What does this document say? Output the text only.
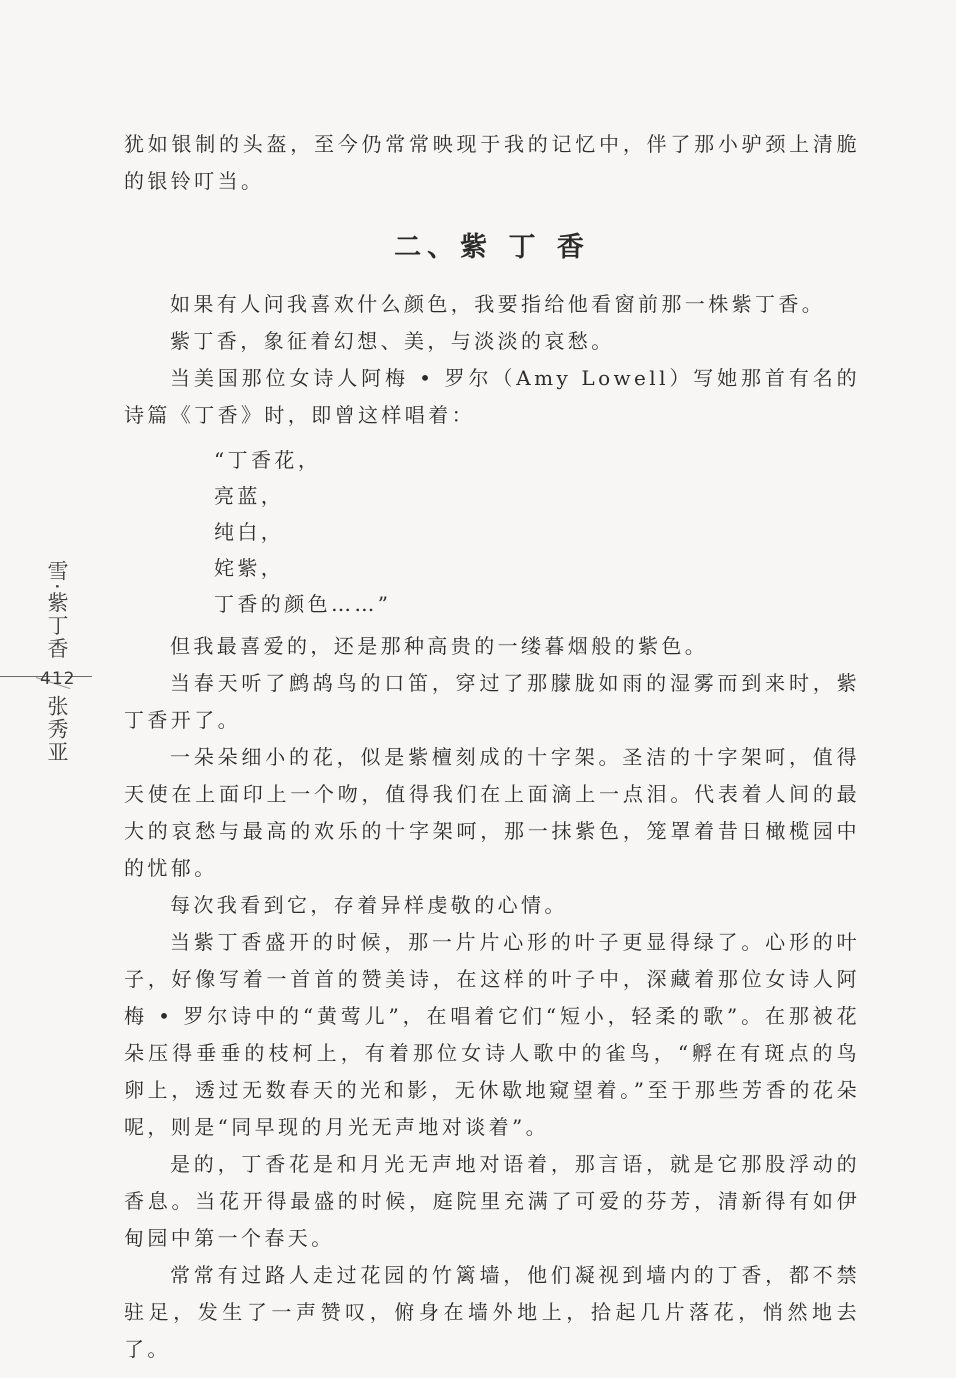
犹如银制的头盔，至今仍常常映现于我的记忆中，伴了那小驴颈上清脆的银铃叮当。

二、紫 丁 香

如果有人问我喜欢什么颜色，我要指给他看窗前那一株紫丁香。

紫丁香，象征着幻想、美，与淡淡的哀愁。

当美国那位女诗人阿梅 • 罗尔（Amy Lowell）写她那首有名的诗篇《丁香》时，即曾这样唱着：

“丁香花，
亮蓝，
纯白，
姹紫，
丁香的颜色……”

但我最喜爱的，还是那种高贵的一缕暮烟般的紫色。

当春天听了鹧鸪鸟的口笛，穿过了那朦胧如雨的湿雾而到来时，紫丁香开了。

一朵朵细小的花，似是紫檀刻成的十字架。圣洁的十字架呵，值得天使在上面印上一个吻，值得我们在上面滴上一点泪。代表着人间的最大的哀愁与最高的欢乐的十字架呵，那一抹紫色，笼罩着昔日橄榄园中的忧郁。

每次我看到它，存着异样虔敬的心情。

当紫丁香盛开的时候，那一片片心形的叶子更显得绿了。心形的叶子，好像写着一首首的赞美诗，在这样的叶子中，深藏着那位女诗人阿梅 • 罗尔诗中的“黄莺儿”，在唱着它们“短小，轻柔的歌”。在那被花朵压得垂垂的枝柯上，有着那位女诗人歌中的雀鸟，“孵在有斑点的鸟卵上，透过无数春天的光和影，无休歇地窥望着。”至于那些芳香的花朵呢，则是“同早现的月光无声地对谈着”。

是的，丁香花是和月光无声地对语着，那言语，就是它那股浮动的香息。当花开得最盛的时候，庭院里充满了可爱的芬芳，清新得有如伊甸园中第一个春天。

常常有过路人走过花园的竹篱墙，他们凝视到墙内的丁香，都不禁驻足，发生了一声赞叹，俯身在墙外地上，拾起几片落花，悄然地去了。

雪·紫丁香
412
张秀亚
